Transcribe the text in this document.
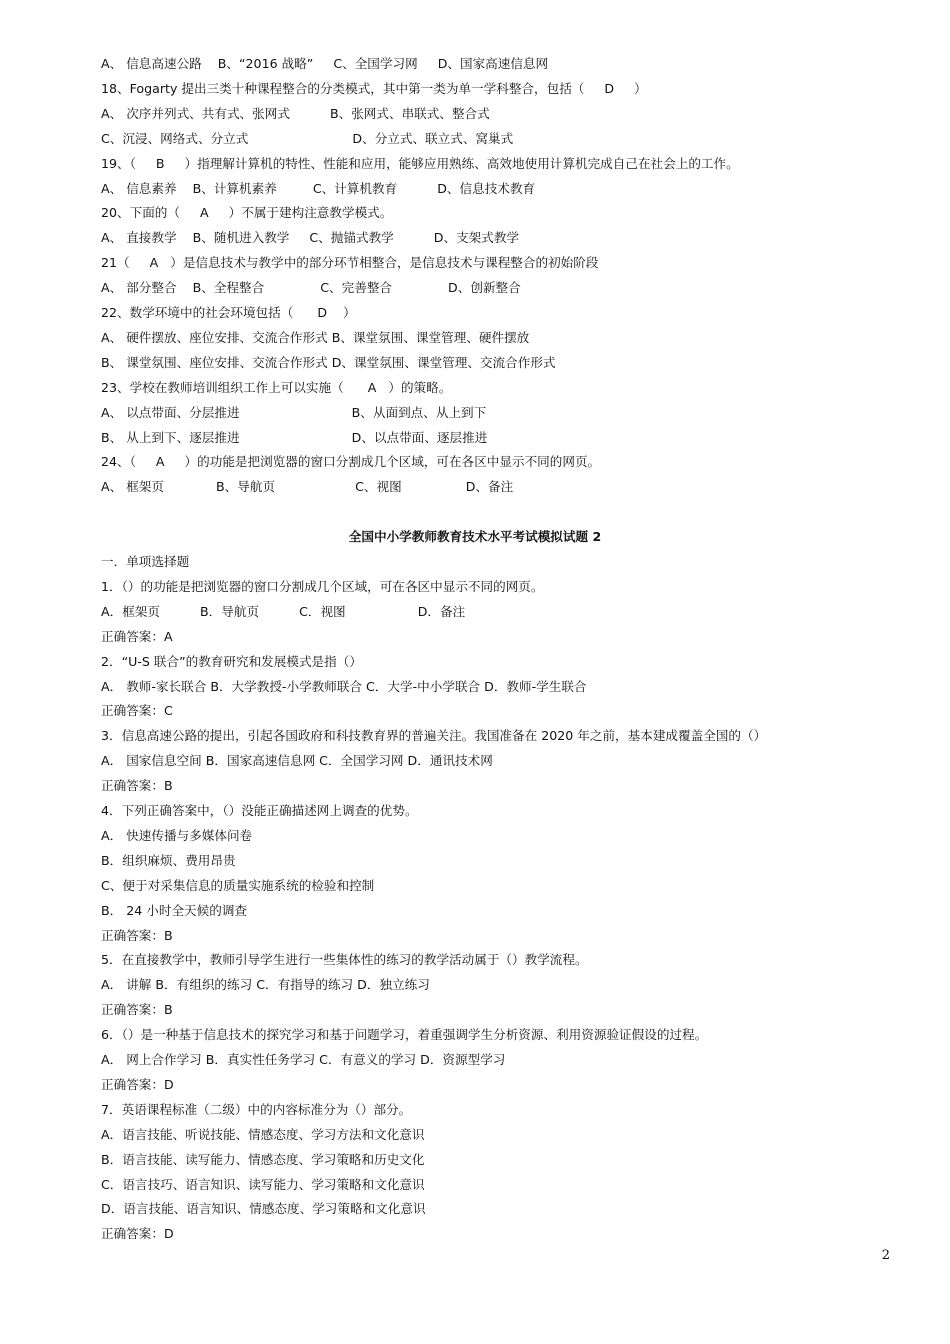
A、 信息高速公路    B、“2016 战略”     C、全国学习网     D、国家高速信息网
18、Fogarty 提出三类十种课程整合的分类模式，其中第一类为单一学科整合，包括（     D     ）
A、 次序并列式、共有式、张网式          B、张网式、串联式、整合式
C、沉浸、网络式、分立式                          D、分立式、联立式、窝巢式
19、（     B     ）指理解计算机的特性、性能和应用，能够应用熟练、高效地使用计算机完成自己在社会上的工作。
A、 信息素养    B、计算机素养         C、计算机教育          D、信息技术教育
20、下面的（     A     ）不属于建构注意教学模式。
A、 直接教学    B、随机进入教学     C、抛锚式教学          D、支架式教学
21（     A   ）是信息技术与教学中的部分环节相整合，是信息技术与课程整合的初始阶段
A、 部分整合    B、全程整合              C、完善整合              D、创新整合
22、数学环境中的社会环境包括（      D    ）
A、 硬件摆放、座位安排、交流合作形式 B、课堂氛围、课堂管理、硬件摆放
B、 课堂氛围、座位安排、交流合作形式 D、课堂氛围、课堂管理、交流合作形式
23、学校在教师培训组织工作上可以实施（      A   ）的策略。
A、 以点带面、分层推进                            B、从面到点、从上到下
B、 从上到下、逐层推进                            D、以点带面、逐层推进
24、（     A     ）的功能是把浏览器的窗口分割成几个区域，可在各区中显示不同的网页。
A、 框架页             B、导航页                    C、视图                D、备注
全国中小学教师教育技术水平考试模拟试题 2
一．单项选择题
1．（）的功能是把浏览器的窗口分割成几个区域，可在各区中显示不同的网页。
A．框架页          B．导航页          C．视图                  D．备注
正确答案：A
2．“U-S 联合”的教育研究和发展模式是指（）
A． 教师-家长联合 B．大学教授-小学教师联合 C．大学-中小学联合 D．教师-学生联合
正确答案：C
3．信息高速公路的提出，引起各国政府和科技教育界的普遍关注。我国准备在 2020 年之前，基本建成覆盖全国的（）
A． 国家信息空间 B．国家高速信息网 C．全国学习网 D．通讯技术网
正确答案：B
4．下列正确答案中，（）没能正确描述网上调查的优势。
A． 快速传播与多媒体问卷
B．组织麻烦、费用昂贵
C、便于对采集信息的质量实施系统的检验和控制
B． 24 小时全天候的调查
正确答案：B
5．在直接教学中，教师引导学生进行一些集体性的练习的教学活动属于（）教学流程。
A． 讲解 B．有组织的练习 C．有指导的练习 D．独立练习
正确答案：B
6．（）是一种基于信息技术的探究学习和基于问题学习，着重强调学生分析资源、利用资源验证假设的过程。
A． 网上合作学习 B．真实性任务学习 C．有意义的学习 D．资源型学习
正确答案：D
7．英语课程标准（二级）中的内容标准分为（）部分。
A．语言技能、听说技能、情感态度、学习方法和文化意识
B．语言技能、读写能力、情感态度、学习策略和历史文化
C．语言技巧、语言知识、读写能力、学习策略和文化意识
D．语言技能、语言知识、情感态度、学习策略和文化意识
正确答案：D
2
